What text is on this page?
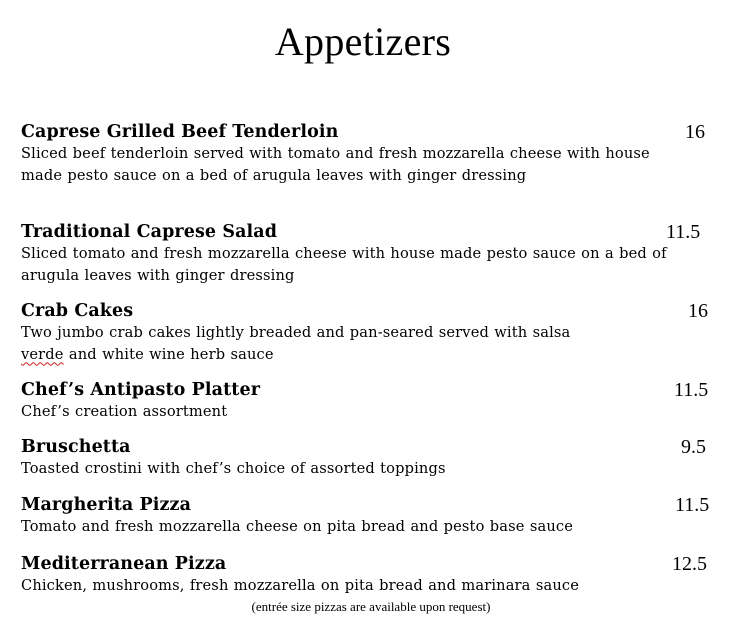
Appetizers
Caprese Grilled Beef Tenderloin	16
Sliced beef tenderloin served with tomato and fresh mozzarella cheese with house made pesto sauce on a bed of arugula leaves with ginger dressing
Traditional Caprese Salad	11.5
Sliced tomato and fresh mozzarella cheese with house made pesto sauce on a bed of arugula leaves with ginger dressing
Crab Cakes	16
Two jumbo crab cakes lightly breaded and pan-seared served with salsa
verde and white wine herb sauce
Chef’s Antipasto Platter	11.5
Chef’s creation assortment
Bruschetta	9.5
Toasted crostini with chef’s choice of assorted toppings
Margherita Pizza	11.5
Tomato and fresh mozzarella cheese on pita bread and pesto base sauce
Mediterranean Pizza	12.5
Chicken, mushrooms, fresh mozzarella on pita bread and marinara sauce
(entrée size pizzas are available upon request)
